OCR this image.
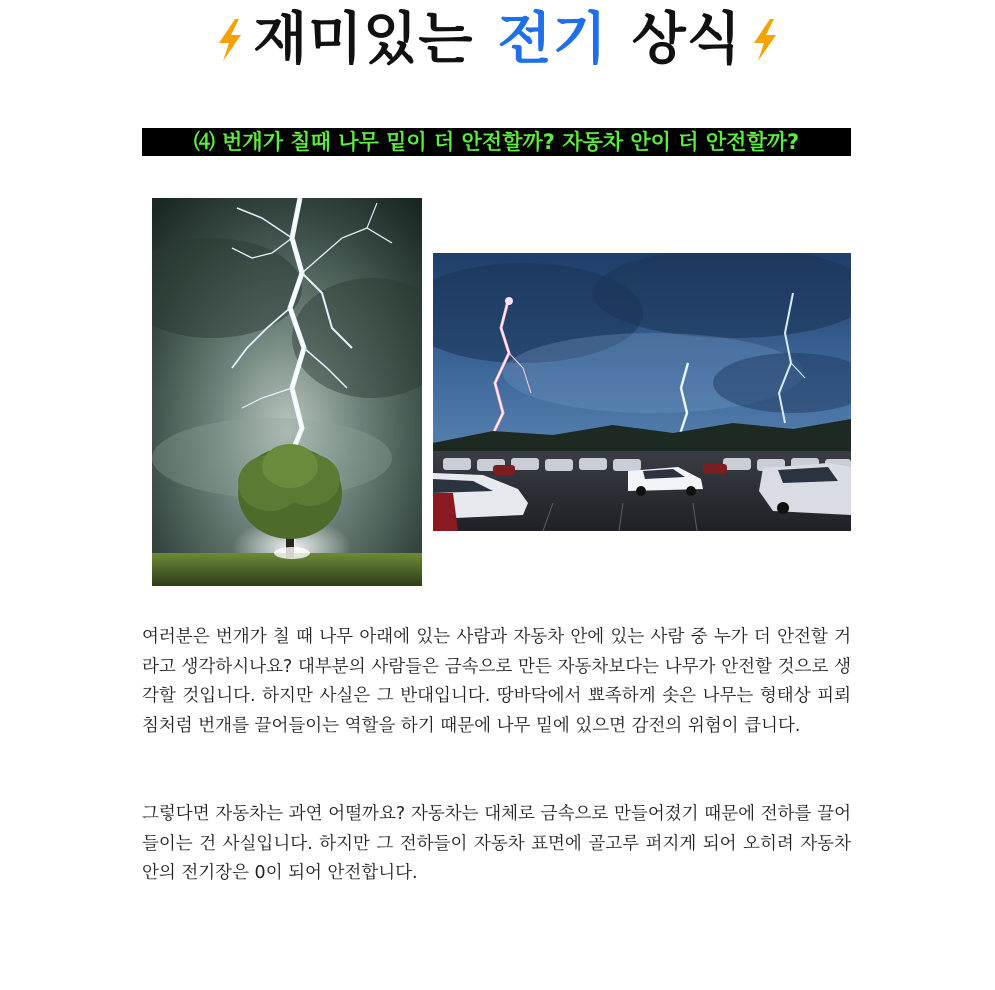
재미있는 전기 상식
⑷ 번개가 칠때 나무 밑이 더 안전할까? 자동차 안이 더 안전할까?

여러분은 번개가 칠 때 나무 아래에 있는 사람과 자동차 안에 있는 사람 중 누가 더 안전할 거라고 생각하시나요? 대부분의 사람들은 금속으로 만든 자동차보다는 나무가 안전할 것으로 생각할 것입니다. 하지만 사실은 그 반대입니다. 땅바닥에서 뾰족하게 솟은 나무는 형태상 피뢰침처럼 번개를 끌어들이는 역할을 하기 때문에 나무 밑에 있으면 감전의 위험이 큽니다.

그렇다면 자동차는 과연 어떨까요? 자동차는 대체로 금속으로 만들어졌기 때문에 전하를 끌어들이는 건 사실입니다. 하지만 그 전하들이 자동차 표면에 골고루 퍼지게 되어 오히려 자동차 안의 전기장은 0이 되어 안전합니다.
